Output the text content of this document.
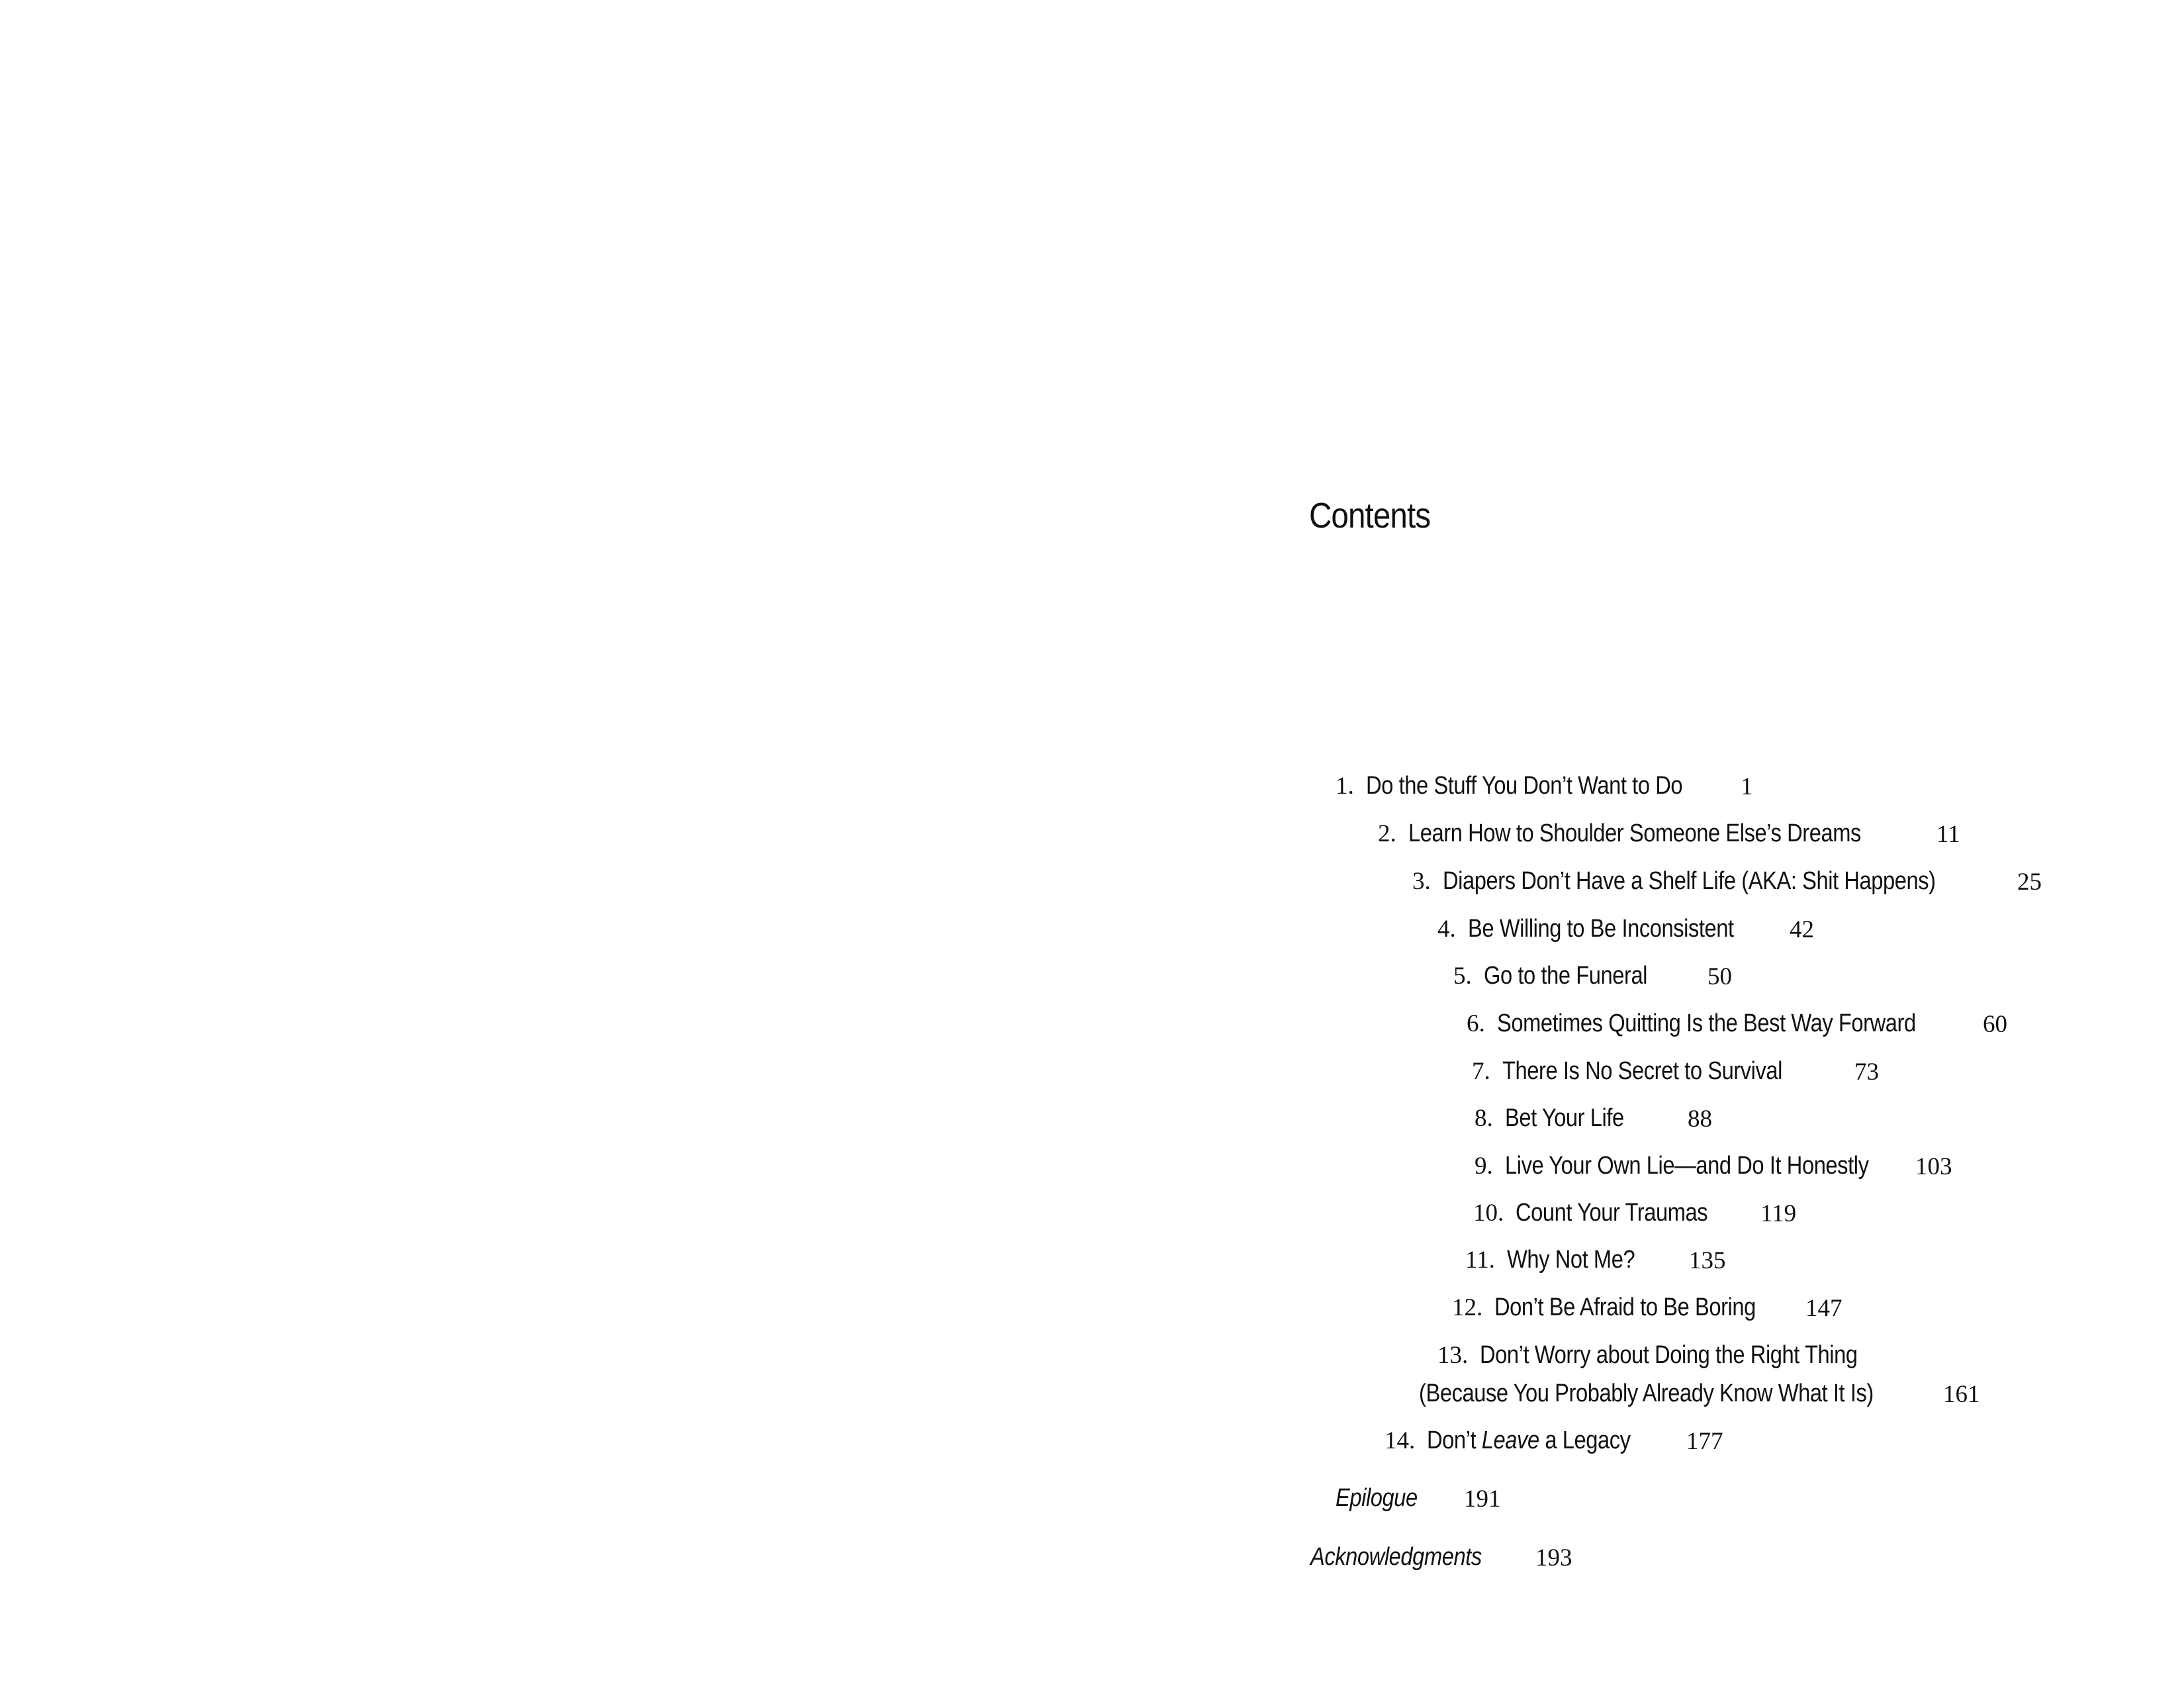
Contents
1. Do the Stuff You Don’t Want to Do 1
2. Learn How to Shoulder Someone Else’s Dreams	11
3. Diapers Don’t Have a Shelf Life (AKA: Shit Happens)	25
4. Be Willing to Be Inconsistent 42
5. Go to the Funeral 50
6. Sometimes Quitting Is the Best Way Forward	60
7. There Is No Secret to Survival	73
8. Bet Your Life	88
9. Live Your Own Lie—and Do It Honestly 103
10. Count Your Traumas 119
11. Why Not Me? 135
12. Don’t Be Afraid to Be Boring 147
13. Don’t Worry about Doing the Right Thing
(Because You Probably Already Know What It Is)	161
14. Don’t Leave a Legacy 177
Epilogue 191
Acknowledgments 193
